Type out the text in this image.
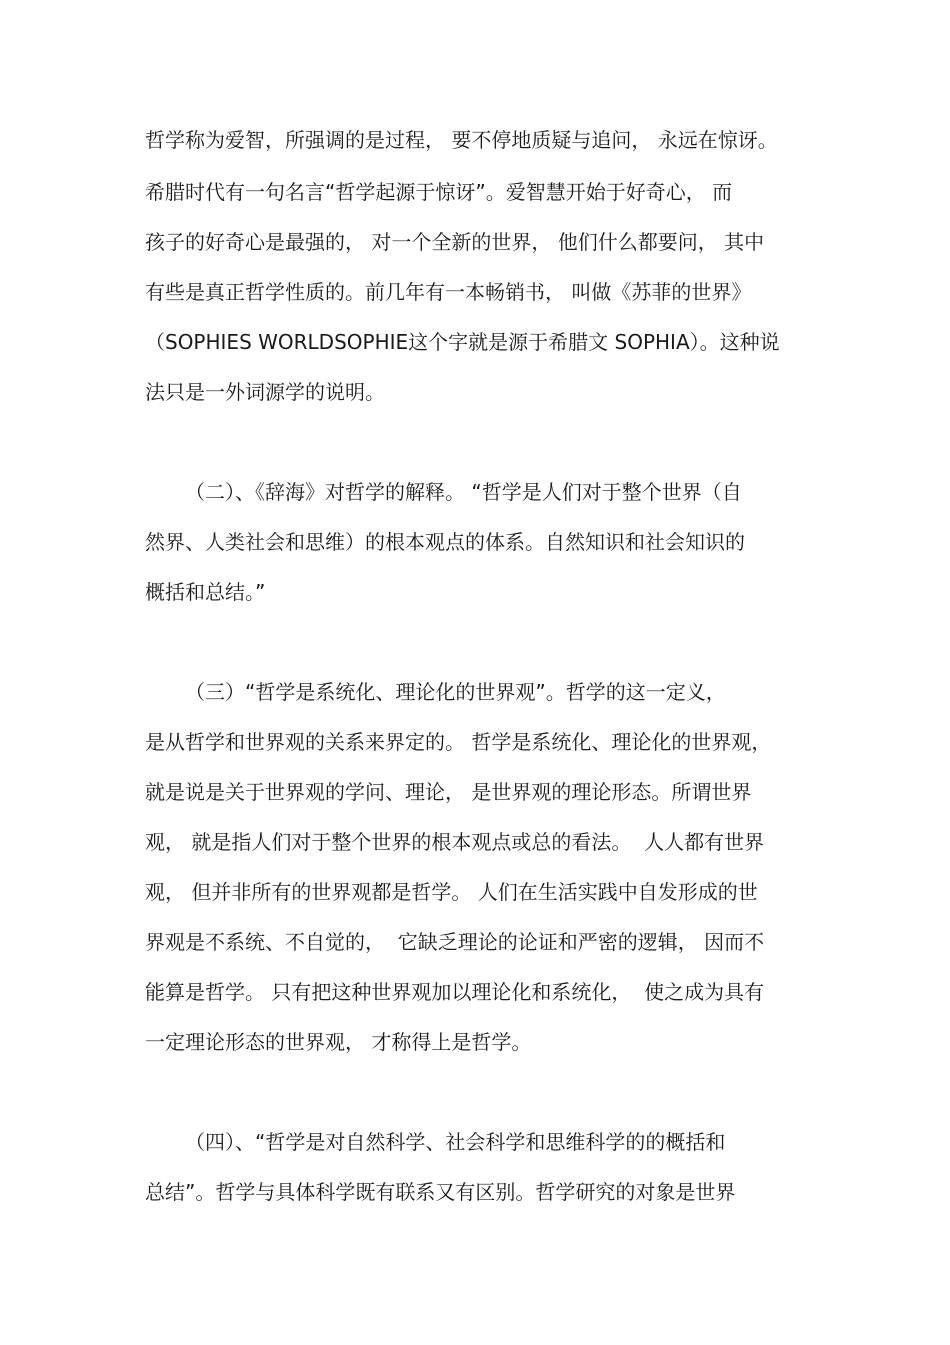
哲学称为爱智，所强调的是过程， 要不停地质疑与追问， 永远在惊讶。
希腊时代有一句名言“哲学起源于惊讶”。爱智慧开始于好奇心， 而
孩子的好奇心是最强的， 对一个全新的世界， 他们什么都要问， 其中
有些是真正哲学性质的。前几年有一本畅销书， 叫做《苏菲的世界》
（SOPHIES WORLDSOPHIE这个字就是源于希腊文 SOPHIA）。这种说
法只是一外词源学的说明。
（二）、《辞海》对哲学的解释。 “哲学是人们对于整个世界（自
然界、人类社会和思维）的根本观点的体系。自然知识和社会知识的
概括和总结。”
（三）“哲学是系统化、理论化的世界观”。哲学的这一定义，
是从哲学和世界观的关系来界定的。 哲学是系统化、理论化的世界观，
就是说是关于世界观的学问、理论， 是世界观的理论形态。所谓世界
观， 就是指人们对于整个世界的根本观点或总的看法。  人人都有世界
观， 但并非所有的世界观都是哲学。 人们在生活实践中自发形成的世
界观是不系统、不自觉的，  它缺乏理论的论证和严密的逻辑， 因而不
能算是哲学。 只有把这种世界观加以理论化和系统化，  使之成为具有
一定理论形态的世界观， 才称得上是哲学。
（四）、“哲学是对自然科学、社会科学和思维科学的的概括和
总结”。哲学与具体科学既有联系又有区别。哲学研究的对象是世界
